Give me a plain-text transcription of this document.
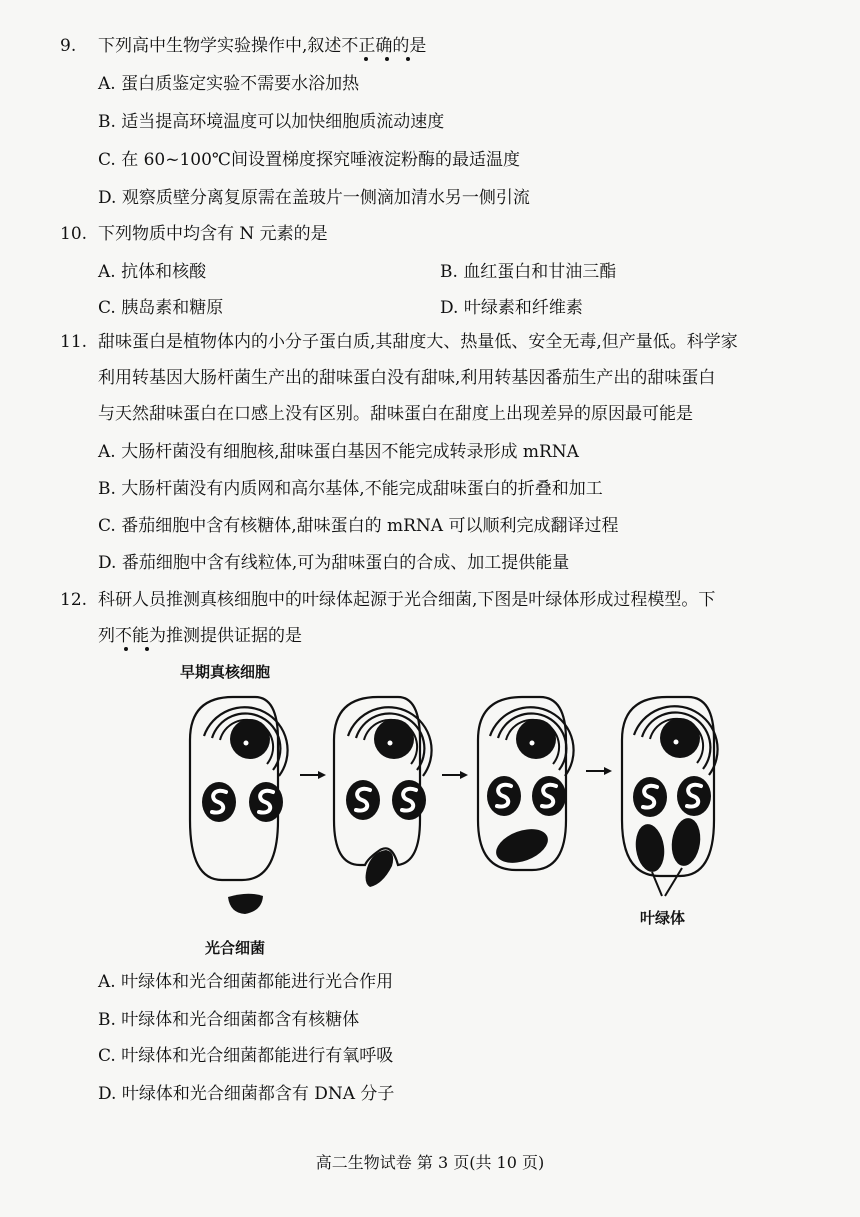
9. 下列高中生物学实验操作中,叙述不正确的是
A. 蛋白质鉴定实验不需要水浴加热
B. 适当提高环境温度可以加快细胞质流动速度
C. 在 60~100℃间设置梯度探究唾液淀粉酶的最适温度
D. 观察质壁分离复原需在盖玻片一侧滴加清水另一侧引流
10. 下列物质中均含有 N 元素的是
A. 抗体和核酸	B. 血红蛋白和甘油三酯
C. 胰岛素和糖原	D. 叶绿素和纤维素
11. 甜味蛋白是植物体内的小分子蛋白质,其甜度大、热量低、安全无毒,但产量低。科学家
利用转基因大肠杆菌生产出的甜味蛋白没有甜味,利用转基因番茄生产出的甜味蛋白
与天然甜味蛋白在口感上没有区别。甜味蛋白在甜度上出现差异的原因最可能是
A. 大肠杆菌没有细胞核,甜味蛋白基因不能完成转录形成 mRNA
B. 大肠杆菌没有内质网和高尔基体,不能完成甜味蛋白的折叠和加工
C. 番茄细胞中含有核糖体,甜味蛋白的 mRNA 可以顺利完成翻译过程
D. 番茄细胞中含有线粒体,可为甜味蛋白的合成、加工提供能量
12. 科研人员推测真核细胞中的叶绿体起源于光合细菌,下图是叶绿体形成过程模型。下
列不能为推测提供证据的是
早期真核细胞
光合细菌
叶绿体
A. 叶绿体和光合细菌都能进行光合作用
B. 叶绿体和光合细菌都含有核糖体
C. 叶绿体和光合细菌都能进行有氧呼吸
D. 叶绿体和光合细菌都含有 DNA 分子
高二生物试卷 第 3 页(共 10 页)
